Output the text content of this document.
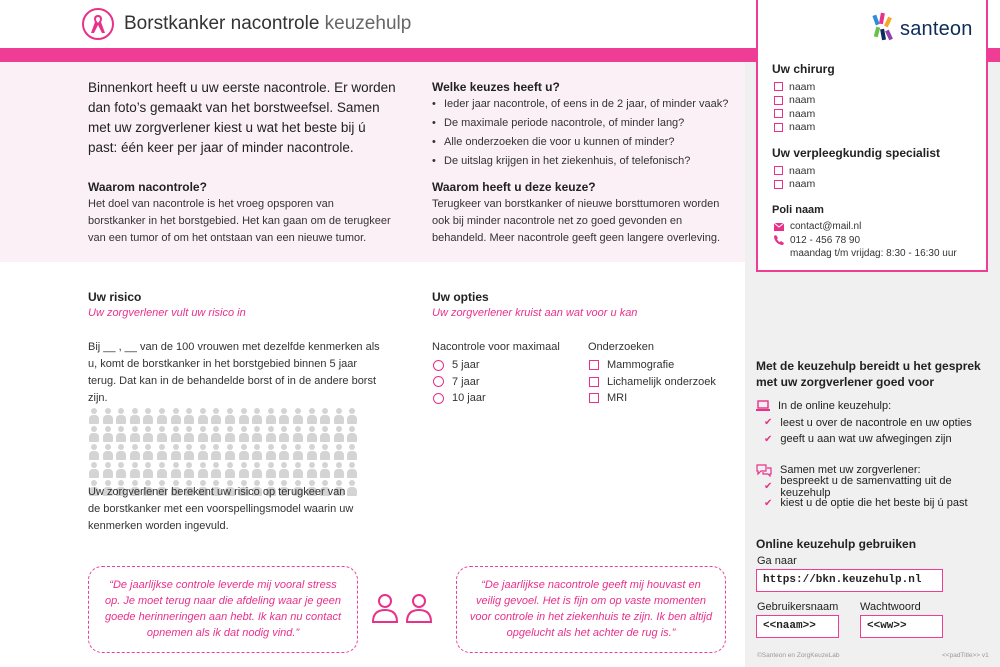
Borstkanker nacontrole keuzehulp	santeon
Uw chirurg
naam
naam
naam
naam
Uw verpleegkundig specialist
naam
naam
Poli naam
contact@mail.nl
012 - 456 78 90
maandag t/m vrijdag: 8:30 - 16:30 uur
Binnenkort heeft u uw eerste nacontrole. Er worden dan foto’s gemaakt van het borstweefsel. Samen met uw zorgverlener kiest u wat het beste bij ú past: één keer per jaar of minder nacontrole.
Waarom nacontrole?
Het doel van nacontrole is het vroeg opsporen van borstkanker in het borstgebied. Het kan gaan om de terugkeer van een tumor of om het ontstaan van een nieuwe tumor.
Welke keuzes heeft u?
• Ieder jaar nacontrole, of eens in de 2 jaar, of minder vaak?
• De maximale periode nacontrole, of minder lang?
• Alle onderzoeken die voor u kunnen of minder?
• De uitslag krijgen in het ziekenhuis, of telefonisch?
Waarom heeft u deze keuze?
Terugkeer van borstkanker of nieuwe borsttumoren worden ook bij minder nacontrole net zo goed gevonden en behandeld. Meer nacontrole geeft geen langere overleving.
Uw risico
Uw zorgverlener vult uw risico in
Bij __ , __ van de 100 vrouwen met dezelfde kenmerken als u, komt de borstkanker in het borstgebied binnen 5 jaar terug. Dat kan in de behandelde borst of in de andere borst zijn.
Uw zorgverlener berekent uw risico op terugkeer van de borstkanker met een voorspellingsmodel waarin uw kenmerken worden ingevuld.
Uw opties
Uw zorgverlener kruist aan wat voor u kan
Nacontrole voor maximaal
5 jaar
7 jaar
10 jaar
Onderzoeken
Mammografie
Lichamelijk onderzoek
MRI
“De jaarlijkse controle leverde mij vooral stress op. Je moet terug naar die afdeling waar je geen goede herinneringen aan hebt. Ik kan nu contact opnemen als ik dat nodig vind.”
“De jaarlijkse nacontrole geeft mij houvast en veilig gevoel. Het is fijn om op vaste momenten voor controle in het ziekenhuis te zijn. Ik ben altijd opgelucht als het achter de rug is.”
Met de keuzehulp bereidt u het gesprek met uw zorgverlener goed voor
In de online keuzehulp:
✔ leest u over de nacontrole en uw opties
✔ geeft u aan wat uw afwegingen zijn
Samen met uw zorgverlener:
✔ bespreekt u de samenvatting uit de keuzehulp
✔ kiest u de optie die het beste bij ú past
Online keuzehulp gebruiken
Ga naar
https://bkn.keuzehulp.nl
Gebruikersnaam
<<naam>>
Wachtwoord
<<ww>>
©Santeon en ZorgKeuzeLab	<<padTitle>> v1
